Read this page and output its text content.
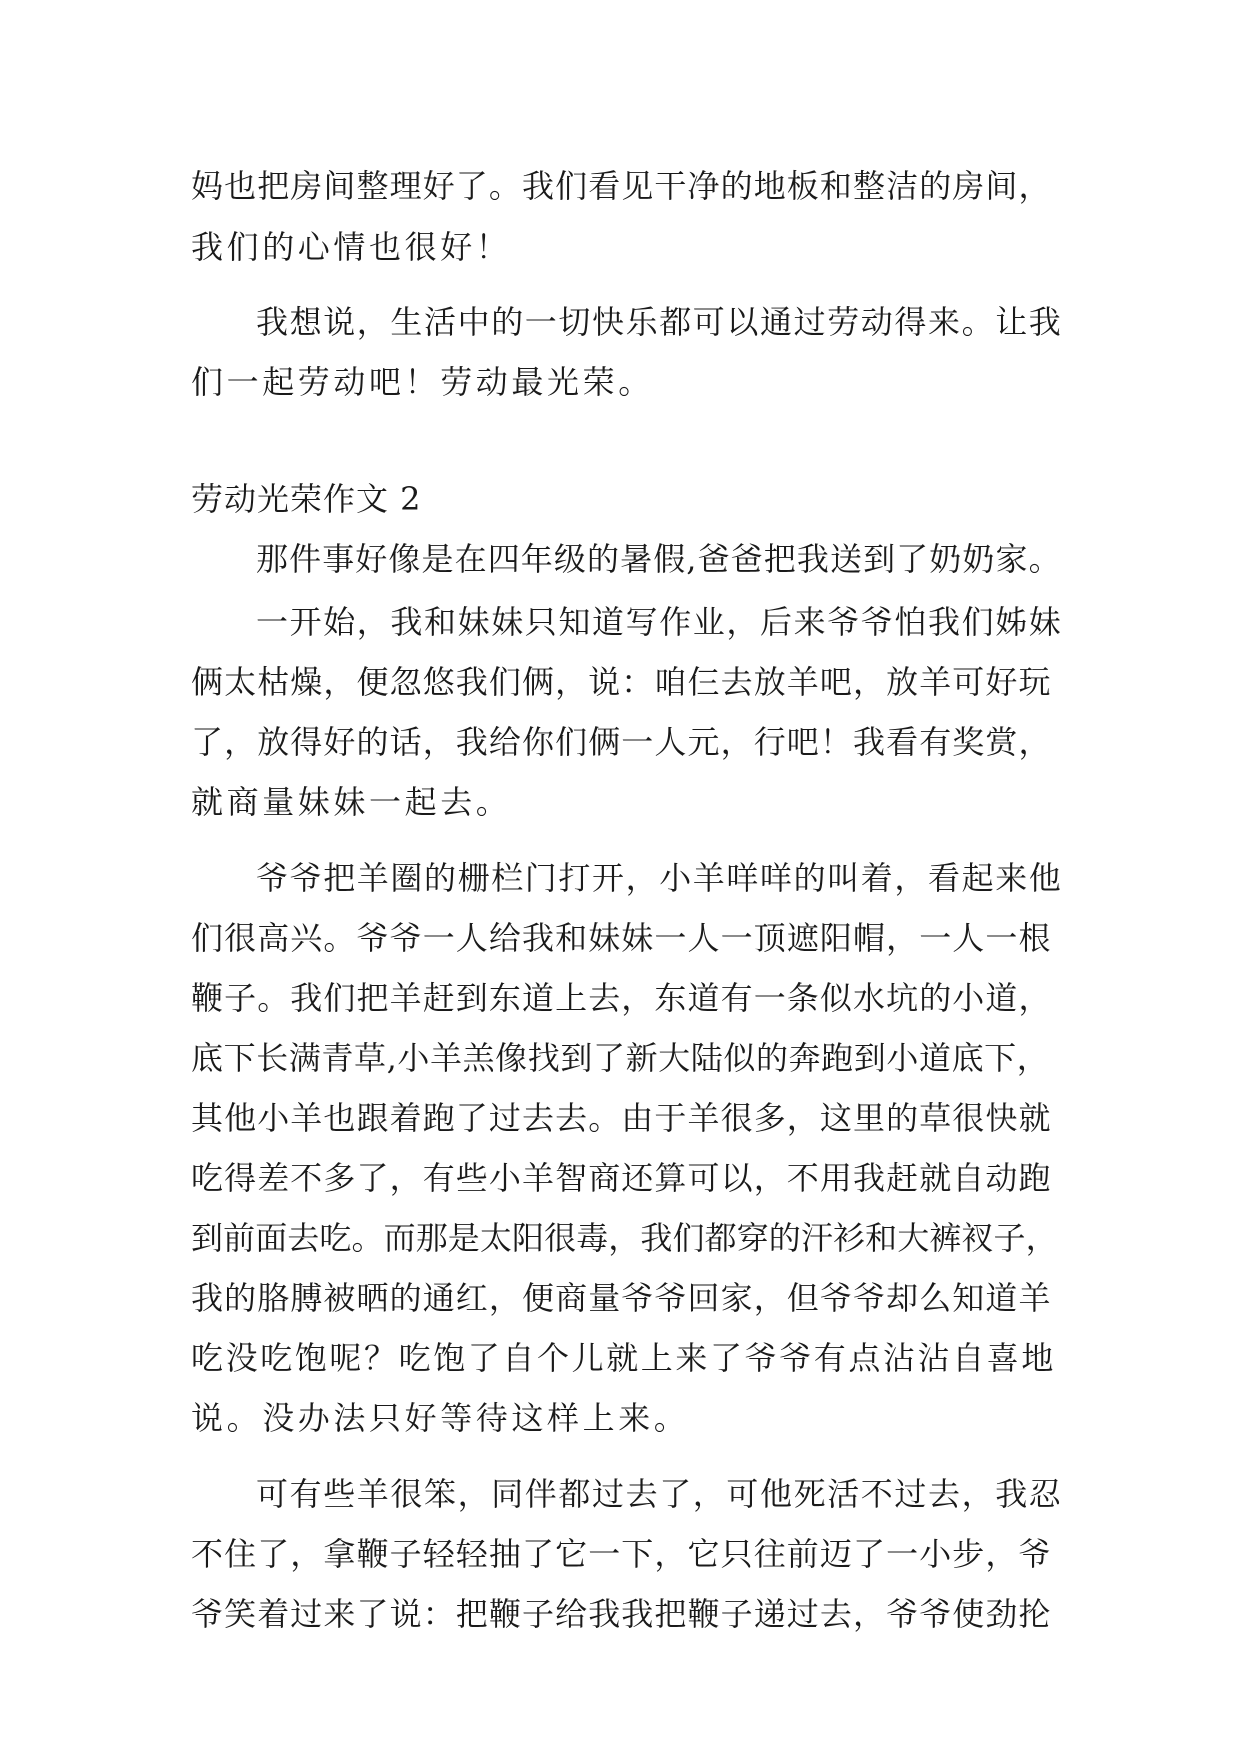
妈也把房间整理好了。我们看见干净的地板和整洁的房间，
我们的心情也很好！
我想说，生活中的一切快乐都可以通过劳动得来。让我
们一起劳动吧！劳动最光荣。
劳动光荣作文 2
那件事好像是在四年级的暑假,爸爸把我送到了奶奶家。
一开始，我和妹妹只知道写作业，后来爷爷怕我们姊妹
俩太枯燥，便忽悠我们俩，说：咱仨去放羊吧，放羊可好玩
了，放得好的话，我给你们俩一人元，行吧！我看有奖赏，
就商量妹妹一起去。
爷爷把羊圈的栅栏门打开，小羊咩咩的叫着，看起来他
们很高兴。爷爷一人给我和妹妹一人一顶遮阳帽，一人一根
鞭子。我们把羊赶到东道上去，东道有一条似水坑的小道，
底下长满青草,小羊羔像找到了新大陆似的奔跑到小道底下，
其他小羊也跟着跑了过去去。由于羊很多，这里的草很快就
吃得差不多了，有些小羊智商还算可以，不用我赶就自动跑
到前面去吃。而那是太阳很毒，我们都穿的汗衫和大裤衩子，
我的胳膊被晒的通红，便商量爷爷回家，但爷爷却么知道羊
吃没吃饱呢？吃饱了自个儿就上来了爷爷有点沾沾自喜地
说。没办法只好等待这样上来。
可有些羊很笨，同伴都过去了，可他死活不过去，我忍
不住了，拿鞭子轻轻抽了它一下，它只往前迈了一小步，爷
爷笑着过来了说：把鞭子给我我把鞭子递过去，爷爷使劲抡
